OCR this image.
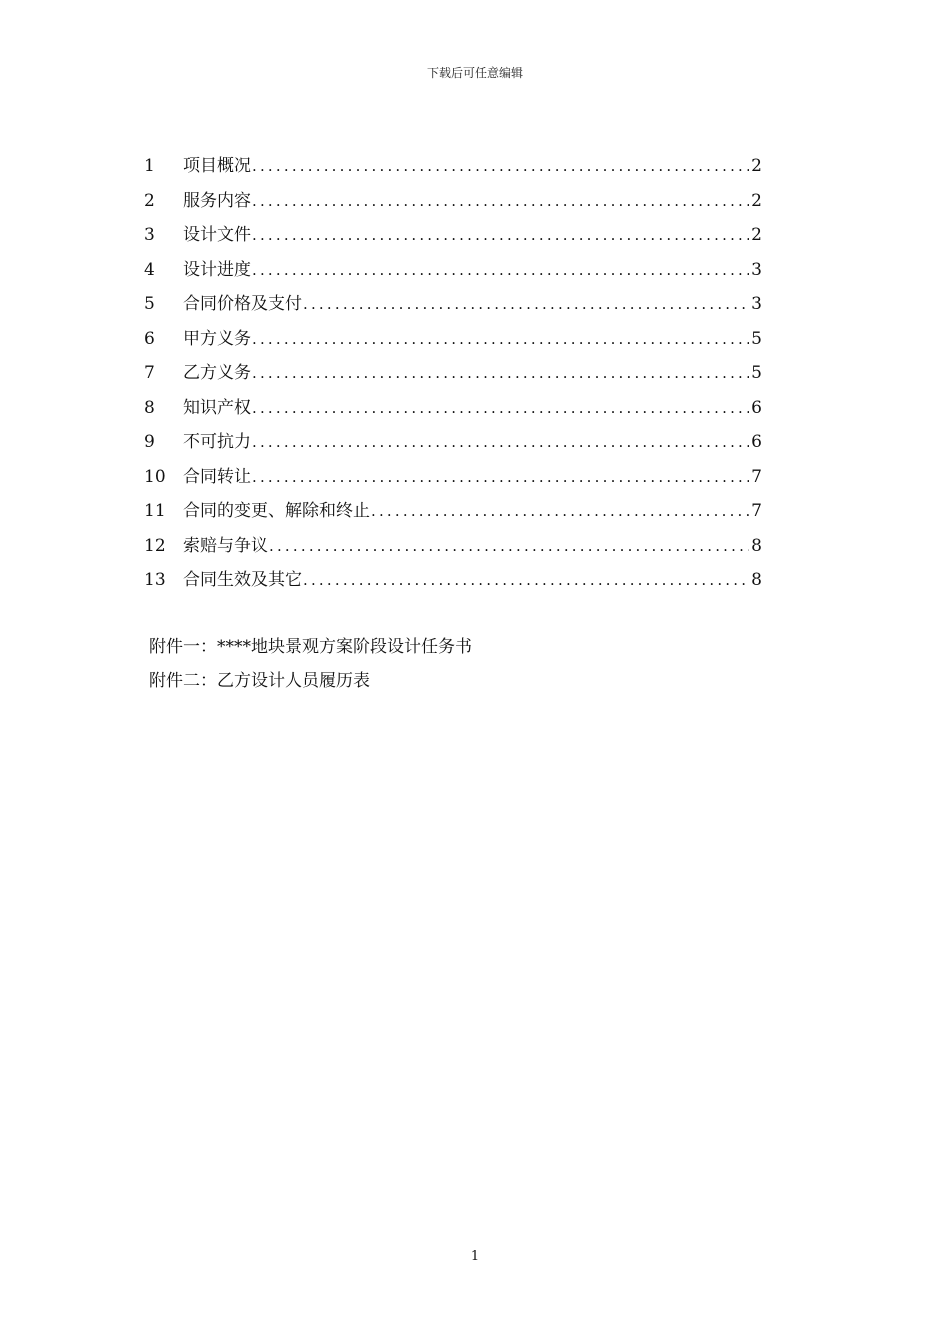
下载后可任意编辑
1	项目概况 .....	2
2	服务内容 .....	2
3	设计文件 .....	2
4	设计进度 .....	3
5	合同价格及支付 .....	3
6	甲方义务 .....	5
7	乙方义务 .....	5
8	知识产权 .....	6
9	不可抗力 .....	6
10	合同转让 .....	7
11	合同的变更、解除和终止 .....	7
12	索赔与争议 .....	8
13	合同生效及其它 .....	8
附件一：****地块景观方案阶段设计任务书
附件二：乙方设计人员履历表
1
